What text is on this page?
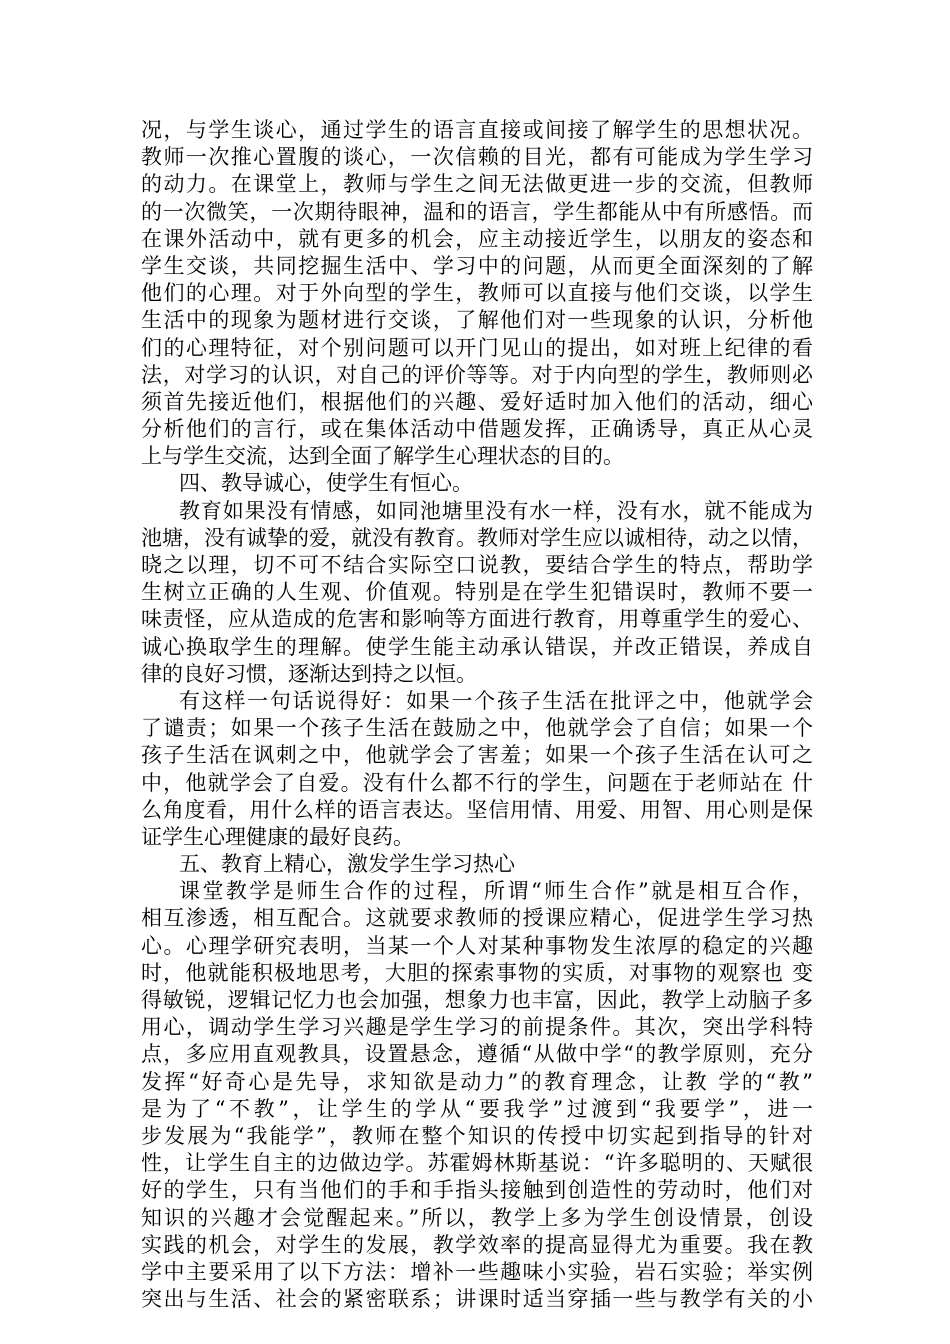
况，与学生谈心，通过学生的语言直接或间接了解学生的思想状况。
教师一次推心置腹的谈心，一次信赖的目光，都有可能成为学生学习
的动力。在课堂上，教师与学生之间无法做更进一步的交流，但教师
的一次微笑，一次期待眼神，温和的语言，学生都能从中有所感悟。而
在课外活动中，就有更多的机会，应主动接近学生，以朋友的姿态和
学生交谈，共同挖掘生活中、学习中的问题，从而更全面深刻的了解
他们的心理。对于外向型的学生，教师可以直接与他们交谈，以学生
生活中的现象为题材进行交谈，了解他们对一些现象的认识，分析他
们的心理特征，对个别问题可以开门见山的提出，如对班上纪律的看
法，对学习的认识，对自己的评价等等。对于内向型的学生，教师则必
须首先接近他们，根据他们的兴趣、爱好适时加入他们的活动，细心
分析他们的言行，或在集体活动中借题发挥，正确诱导，真正从心灵
上与学生交流，达到全面了解学生心理状态的目的。
四、教导诚心，使学生有恒心。
教育如果没有情感，如同池塘里没有水一样，没有水，就不能成为
池塘，没有诚挚的爱，就没有教育。教师对学生应以诚相待，动之以情，
晓之以理，切不可不结合实际空口说教，要结合学生的特点，帮助学
生树立正确的人生观、价值观。特别是在学生犯错误时，教师不要一
味责怪，应从造成的危害和影响等方面进行教育，用尊重学生的爱心、
诚心换取学生的理解。使学生能主动承认错误，并改正错误，养成自
律的良好习惯，逐渐达到持之以恒。
有这样一句话说得好：如果一个孩子生活在批评之中，他就学会
了谴责；如果一个孩子生活在鼓励之中，他就学会了自信；如果一个
孩子生活在讽刺之中，他就学会了害羞；如果一个孩子生活在认可之
中，他就学会了自爱。没有什么都不行的学生，问题在于老师站在 什
么角度看，用什么样的语言表达。坚信用情、用爱、用智、用心则是保
证学生心理健康的最好良药。
五、教育上精心，激发学生学习热心
课堂教学是师生合作的过程，所谓“师生合作”就是相互合作，
相互渗透，相互配合。这就要求教师的授课应精心，促进学生学习热
心。心理学研究表明，当某一个人对某种事物发生浓厚的稳定的兴趣
时，他就能积极地思考，大胆的探索事物的实质，对事物的观察也 变
得敏锐，逻辑记忆力也会加强，想象力也丰富，因此，教学上动脑子多
用心，调动学生学习兴趣是学生学习的前提条件。其次，突出学科特
点，多应用直观教具，设置悬念，遵循“从做中学“的教学原则，充分
发挥“好奇心是先导，求知欲是动力”的教育理念，让教 学的“教”
是为了“不教”，让学生的学从“要我学”过渡到“我要学”，进一
步发展为“我能学”，教师在整个知识的传授中切实起到指导的针对
性，让学生自主的边做边学。苏霍姆林斯基说：“许多聪明的、天赋很
好的学生，只有当他们的手和手指头接触到创造性的劳动时，他们对
知识的兴趣才会觉醒起来。”所以，教学上多为学生创设情景，创设
实践的机会，对学生的发展，教学效率的提高显得尤为重要。我在教
学中主要采用了以下方法：增补一些趣味小实验，岩石实验；举实例
突出与生活、社会的紧密联系；讲课时适当穿插一些与教学有关的小
